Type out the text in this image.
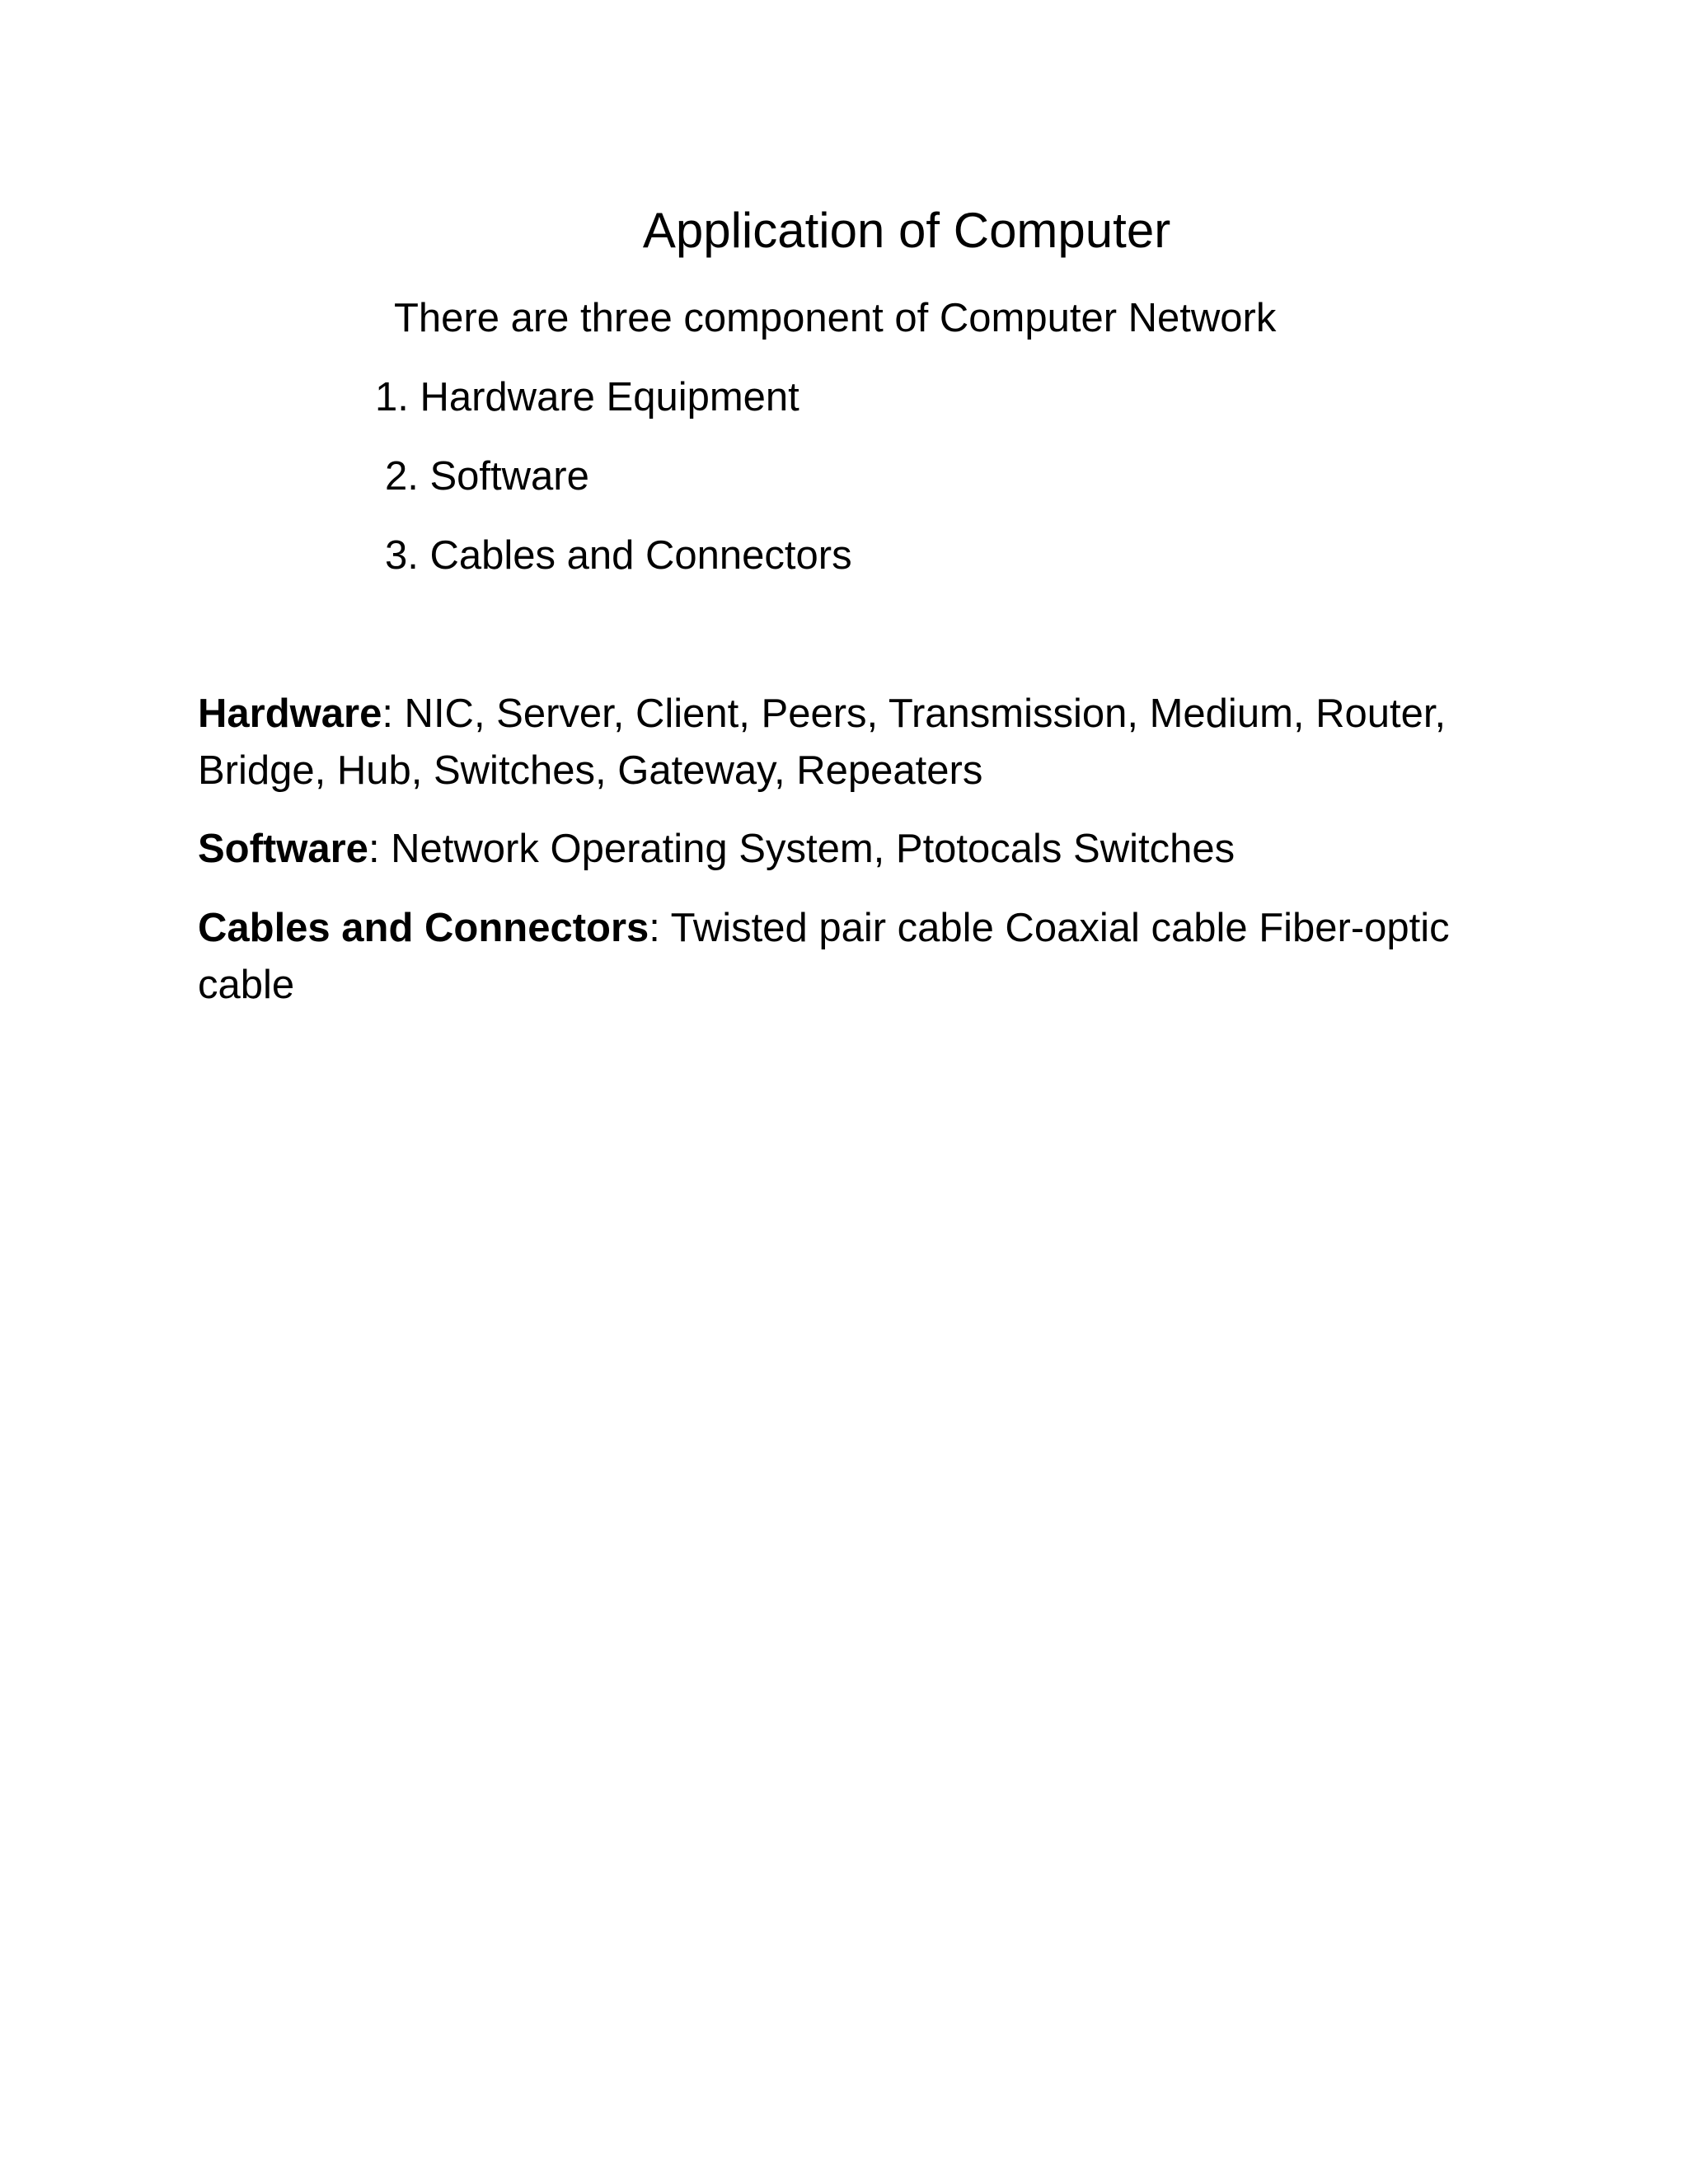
Application of Computer

There are three component of Computer Network

1. Hardware Equipment

2. Software

3. Cables and Connectors

Hardware: NIC, Server, Client, Peers, Transmission, Medium, Router, Bridge, Hub, Switches, Gateway, Repeaters

Software: Network Operating System, Ptotocals Switches

Cables and Connectors: Twisted pair cable Coaxial cable Fiber-optic cable
